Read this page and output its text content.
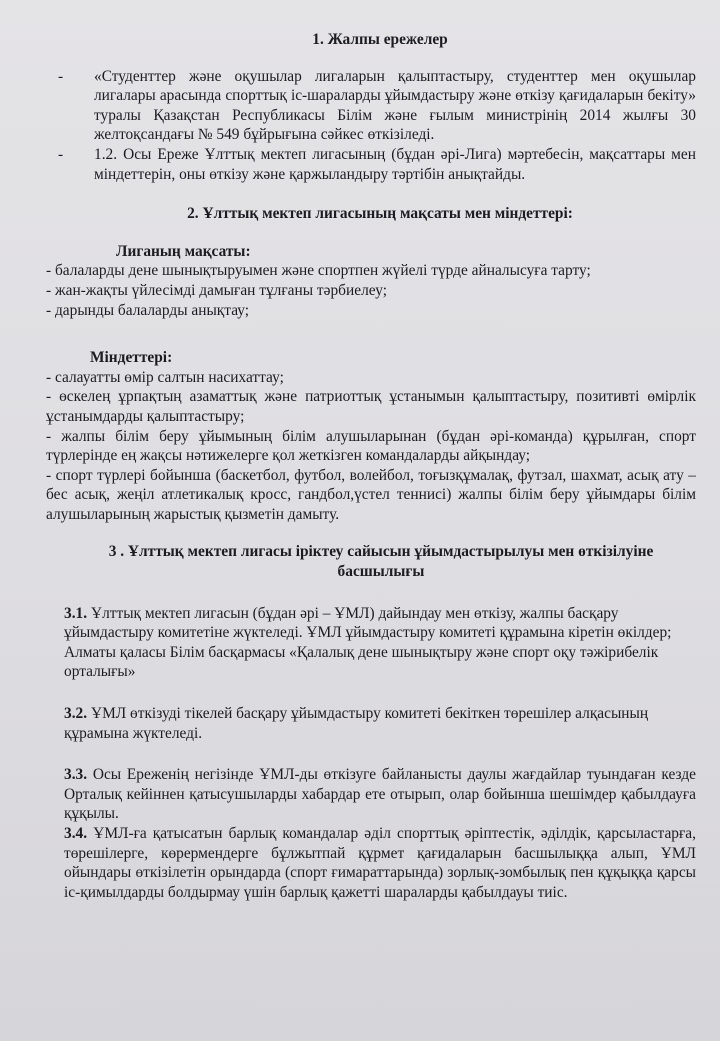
1. Жалпы ережелер

-	«Студенттер және оқушылар лигаларын қалыптастыру, студенттер мен оқушылар лигалары арасында спорттық іс-шараларды ұйымдастыру және өткізу қағидаларын бекіту» туралы Қазақстан Республикасы Білім және ғылым министрінің 2014 жылғы 30 желтоқсандағы № 549 бұйрығына сәйкес өткізіледі.
-	1.2. Осы Ереже Ұлттық мектеп лигасының (бұдан әрі-Лига) мәртебесін, мақсаттары мен міндеттерін, оны өткізу және қаржыландыру тәртібін анықтайды.

2. Ұлттық мектеп лигасының мақсаты мен міндеттері:

Лиганың мақсаты:

- балаларды дене шынықтыруымен және спортпен жүйелі түрде айналысуға тарту;
- жан-жақты үйлесімді дамыған тұлғаны тәрбиелеу;
- дарынды балаларды анықтау;

Міндеттері:

- салауатты өмір салтын насихаттау;
- өскелең ұрпақтың азаматтық және патриоттық ұстанымын қалыптастыру, позитивті өмірлік ұстанымдарды қалыптастыру;
- жалпы білім беру ұйымының білім алушыларынан (бұдан әрі-команда) құрылған, спорт түрлерінде ең жақсы нәтижелерге қол жеткізген командаларды айқындау;
- спорт түрлері бойынша (баскетбол, футбол, волейбол, тоғызқұмалақ, футзал, шахмат, асық ату – бес асық, жеңіл атлетикалық кросс, гандбол,үстел теннисі) жалпы білім беру ұйымдары білім алушыларының жарыстық қызметін дамыту.

3 . Ұлттық мектеп лигасы іріктеу сайысын ұйымдастырылуы мен өткізілуіне

басшылығы

3.1. Ұлттық мектеп лигасын (бұдан әрі – ҰМЛ) дайындау мен өткізу, жалпы басқару ұйымдастыру комитетіне жүктеледі. ҰМЛ ұйымдастыру комитеті құрамына кіретін өкілдер;

Алматы қаласы Білім басқармасы «Қалалық дене шынықтыру және спорт оқу тәжірибелік орталығы»

3.2. ҰМЛ өткізуді тікелей басқару ұйымдастыру комитеті бекіткен төрешілер алқасының құрамына жүктеледі.

3.3. Осы Ереженің негізінде ҰМЛ-ды өткізуге байланысты даулы жағдайлар туындаған кезде Орталық кейіннен қатысушыларды хабардар ете отырып, олар бойынша шешімдер қабылдауға құқылы.

3.4. ҰМЛ-ға қатысатын барлық командалар әділ спорттық әріптестік, әділдік, қарсыластарға, төрешілерге, көрермендерге бұлжытпай құрмет қағидаларын басшылыққа алып, ҰМЛ ойындары өткізілетін орындарда (спорт ғимараттарында) зорлық-зомбылық пен құқыққа қарсы іс-қимылдарды болдырмау үшін барлық қажетті шараларды қабылдауы тиіс.
